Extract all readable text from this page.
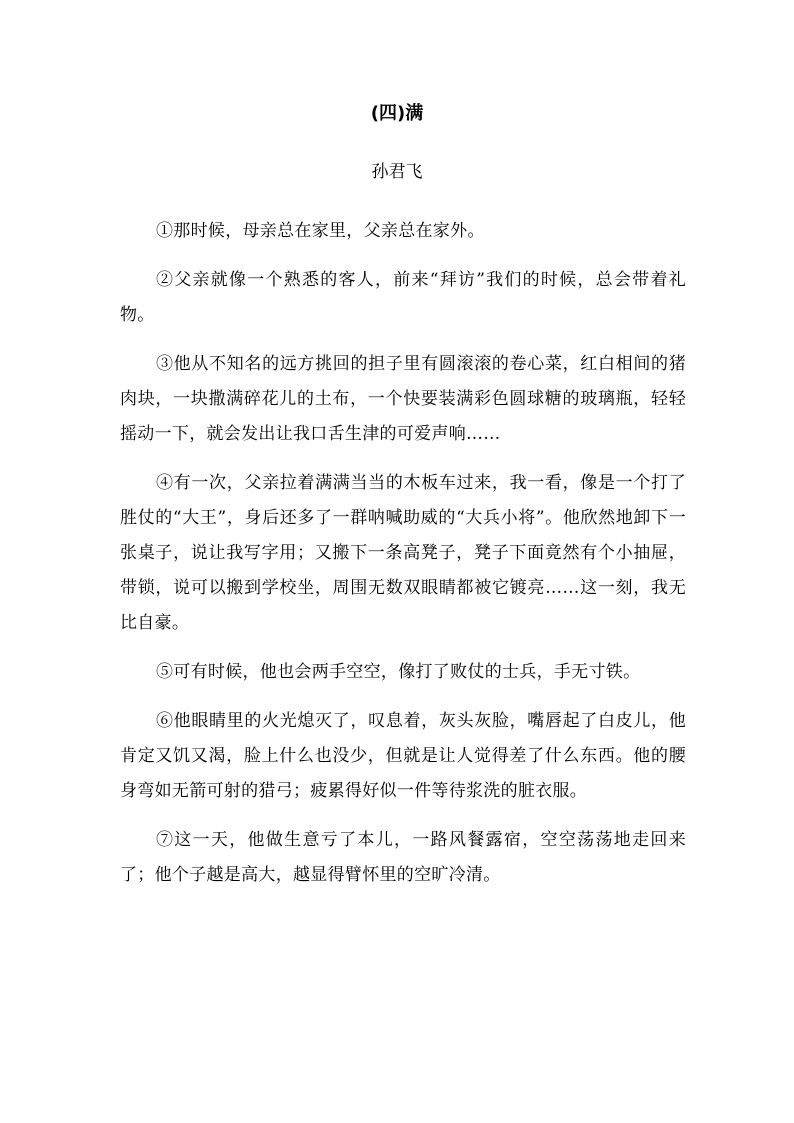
(四)满

孙君飞

①那时候，母亲总在家里，父亲总在家外。

②父亲就像一个熟悉的客人，前来“拜访”我们的时候，总会带着礼物。

③他从不知名的远方挑回的担子里有圆滚滚的卷心菜，红白相间的猪肉块，一块撒满碎花儿的土布，一个快要装满彩色圆球糖的玻璃瓶，轻轻摇动一下，就会发出让我口舌生津的可爱声响……

④有一次，父亲拉着满满当当的木板车过来，我一看，像是一个打了胜仗的“大王”，身后还多了一群呐喊助威的“大兵小将”。他欣然地卸下一张桌子，说让我写字用；又搬下一条高凳子，凳子下面竟然有个小抽屉，带锁，说可以搬到学校坐，周围无数双眼睛都被它镀亮……这一刻，我无比自豪。

⑤可有时候，他也会两手空空，像打了败仗的士兵，手无寸铁。

⑥他眼睛里的火光熄灭了，叹息着，灰头灰脸，嘴唇起了白皮儿，他肯定又饥又渴，脸上什么也没少，但就是让人觉得差了什么东西。他的腰身弯如无箭可射的猎弓；疲累得好似一件等待浆洗的脏衣服。

⑦这一天，他做生意亏了本儿，一路风餐露宿，空空荡荡地走回来了；他个子越是高大，越显得臂怀里的空旷冷清。
